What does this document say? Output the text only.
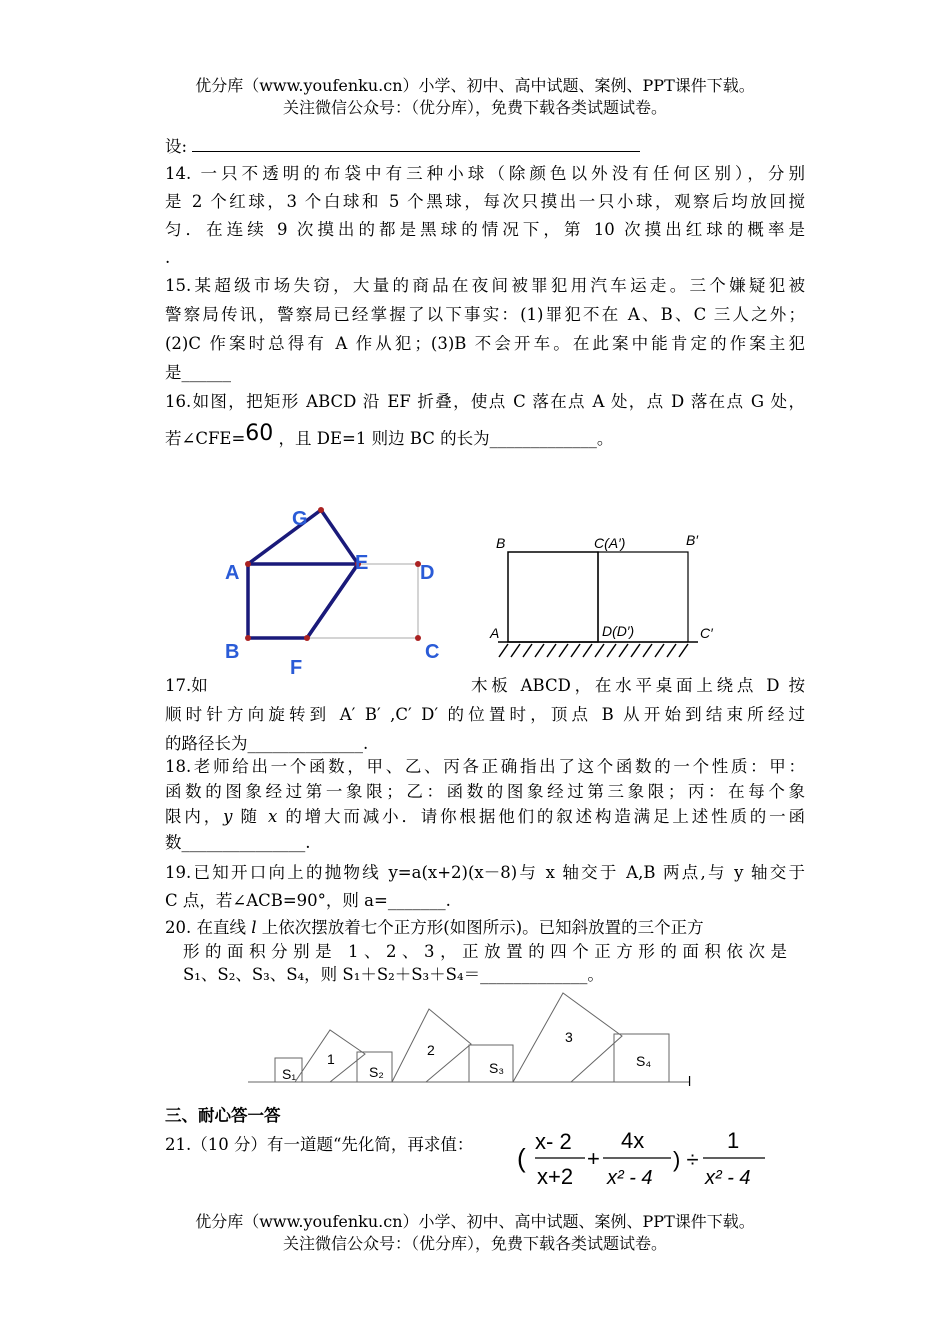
优分库（www.youfenku.cn）小学、初中、高中试题、案例、PPT课件下载。
关注微信公众号：（优分库），免费下载各类试题试卷。
设:
14. 一只不透明的布袋中有三种小球（除颜色以外没有任何区别），分别
是 2 个红球，3 个白球和 5 个黑球，每次只摸出一只小球，观察后均放回搅
匀．在连续 9 次摸出的都是黑球的情况下，第 10 次摸出红球的概率是
.
15.某超级市场失窃，大量的商品在夜间被罪犯用汽车运走。三个嫌疑犯被
警察局传讯，警察局已经掌握了以下事实：(1)罪犯不在 A、B、C 三人之外；
(2)C 作案时总得有 A 作从犯；(3)B 不会开车。在此案中能肯定的作案主犯
是______
16.如图，把矩形 ABCD 沿 EF 折叠，使点 C 落在点 A 处，点 D 落在点 G 处，
若∠CFE=60 ，且 DE=1 则边 BC 的长为_____________。
G
A	E	D
B
F
C
B	C(A′)	B′
A	D(D′)	C′
17.如	木板 ABCD，在水平桌面上绕点 D 按
顺时针方向旋转到 A′ B′ ,C′ D′ 的位置时，顶点 B 从开始到结束所经过
的路径长为______________.
18.老师给出一个函数，甲、乙、丙各正确指出了这个函数的一个性质：甲：
函数的图象经过第一象限；乙：函数的图象经过第三象限；丙：在每个象
限内，y 随 x 的增大而减小．请你根据他们的叙述构造满足上述性质的一函
数_______________.
19.已知开口向上的抛物线 y=a(x+2)(x－8)与 x 轴交于 A,B 两点,与 y 轴交于
C 点，若∠ACB=90°，则 a=_______.
20. 在直线 l 上依次摆放着七个正方形(如图所示)。已知斜放置的三个正方
形的面积分别是 1、2、3，正放置的四个正方形的面积依次是
S₁、S₂、S₃、S₄，则 S₁＋S₂＋S₃＋S₄＝_____________。
S₁
1
S₂
2
S₃
3
S₄
l
三、耐心答一答
21.（10 分）有一道题“先化简，再求值：	(
x- 2
x+2
+
4x
x² - 4
) ÷
1
x² - 4
优分库（www.youfenku.cn）小学、初中、高中试题、案例、PPT课件下载。
关注微信公众号：（优分库），免费下载各类试题试卷。
